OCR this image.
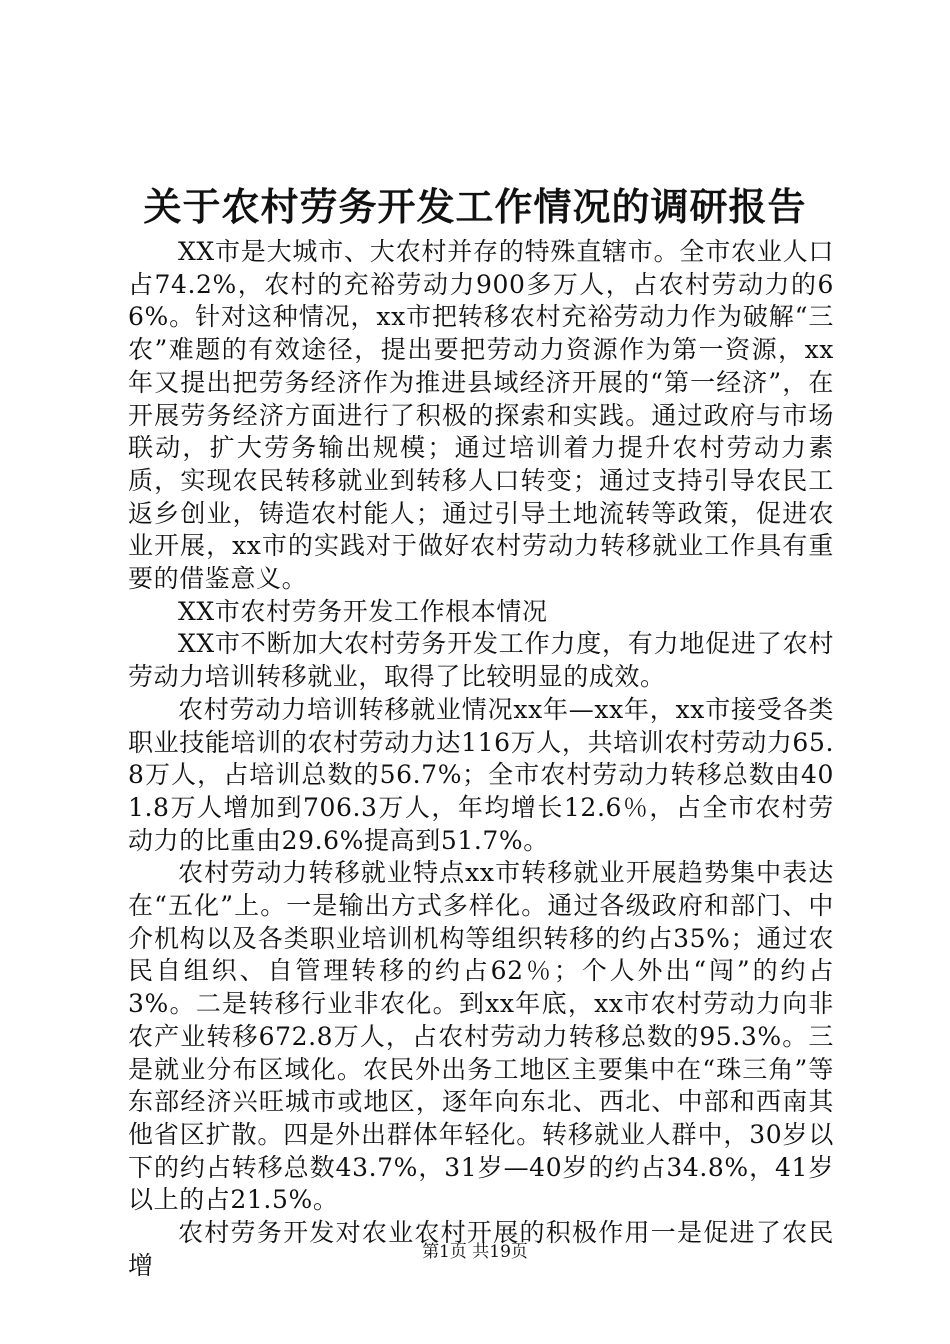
关于农村劳务开发工作情况的调研报告

XX市是大城市、大农村并存的特殊直辖市。全市农业人口占74.2%，农村的充裕劳动力900多万人，占农村劳动力的66%。针对这种情况，xx市把转移农村充裕劳动力作为破解“三农”难题的有效途径，提出要把劳动力资源作为第一资源，xx年又提出把劳务经济作为推进县域经济开展的“第一经济”，在开展劳务经济方面进行了积极的探索和实践。通过政府与市场联动，扩大劳务输出规模；通过培训着力提升农村劳动力素质，实现农民转移就业到转移人口转变；通过支持引导农民工返乡创业，铸造农村能人；通过引导土地流转等政策，促进农业开展，xx市的实践对于做好农村劳动力转移就业工作具有重要的借鉴意义。

XX市农村劳务开发工作根本情况

XX市不断加大农村劳务开发工作力度，有力地促进了农村劳动力培训转移就业，取得了比较明显的成效。

农村劳动力培训转移就业情况xx年—xx年，xx市接受各类职业技能培训的农村劳动力达116万人，共培训农村劳动力65.8万人，占培训总数的56.7%；全市农村劳动力转移总数由401.8万人增加到706.3万人，年均增长12.6％，占全市农村劳动力的比重由29.6%提高到51.7%。

农村劳动力转移就业特点xx市转移就业开展趋势集中表达在“五化”上。一是输出方式多样化。通过各级政府和部门、中介机构以及各类职业培训机构等组织转移的约占35%；通过农民自组织、自管理转移的约占62％；个人外出“闯”的约占3%。二是转移行业非农化。到xx年底，xx市农村劳动力向非农产业转移672.8万人，占农村劳动力转移总数的95.3%。三是就业分布区域化。农民外出务工地区主要集中在“珠三角”等东部经济兴旺城市或地区，逐年向东北、西北、中部和西南其他省区扩散。四是外出群体年轻化。转移就业人群中，30岁以下的约占转移总数43.7%，31岁—40岁的约占34.8%，41岁以上的占21.5%。

农村劳务开发对农业农村开展的积极作用一是促进了农民增	第1页 共19页
